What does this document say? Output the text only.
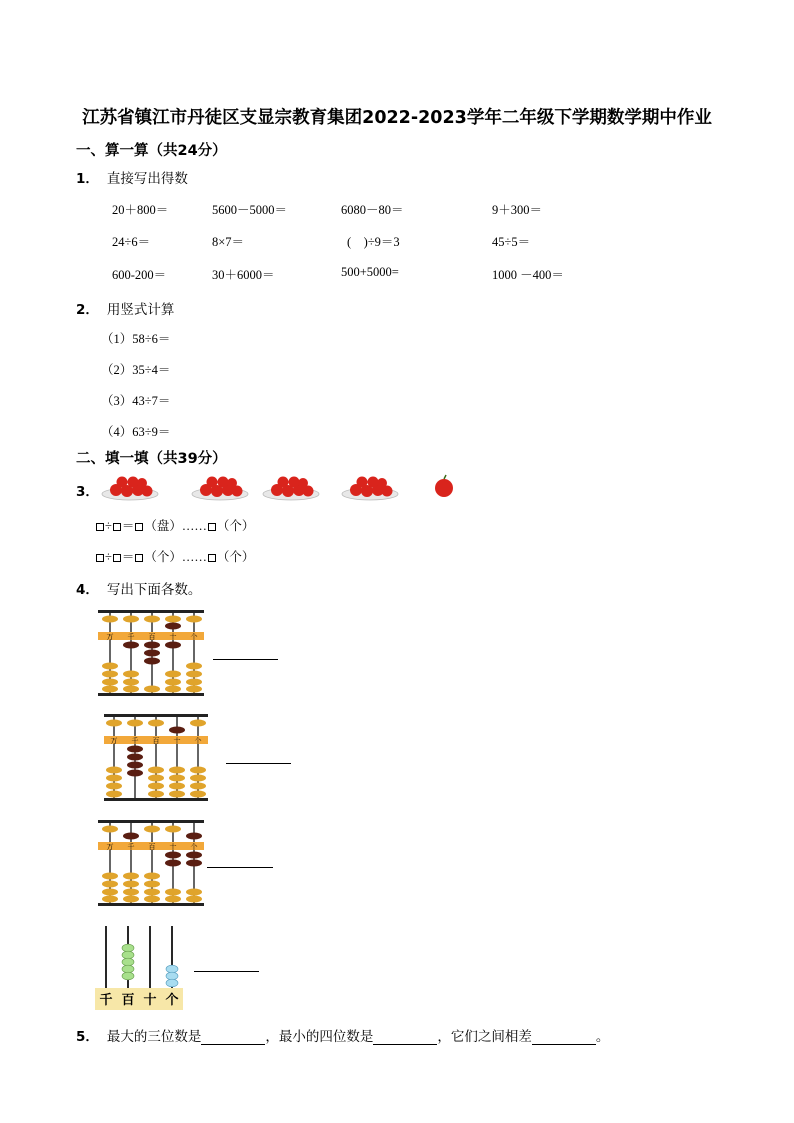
江苏省镇江市丹徒区支显宗教育集团2022-2023学年二年级下学期数学期中作业
一、算一算（共24分）
1． 直接写出得数
20＋800＝	5600－5000＝	6080－80＝	9＋300＝
24÷6＝	8×7＝	(    )÷9＝3	45÷5＝
600-200＝	30＋6000＝	500+5000=	1000 －400＝
2． 用竖式计算
（1）58÷6＝
（2）35÷4＝
（3）43÷7＝
（4）63÷9＝
二、填一填（共39分）
3．
÷ ＝ （盘）…… （个）
÷ ＝ （个）…… （个）
4． 写出下面各数。
万 千 百 十 个
万 千 百 十 个
万 千 百 十 个
千 百 十 个
5． 最大的三位数是	，最小的四位数是	，它们之间相差	。
